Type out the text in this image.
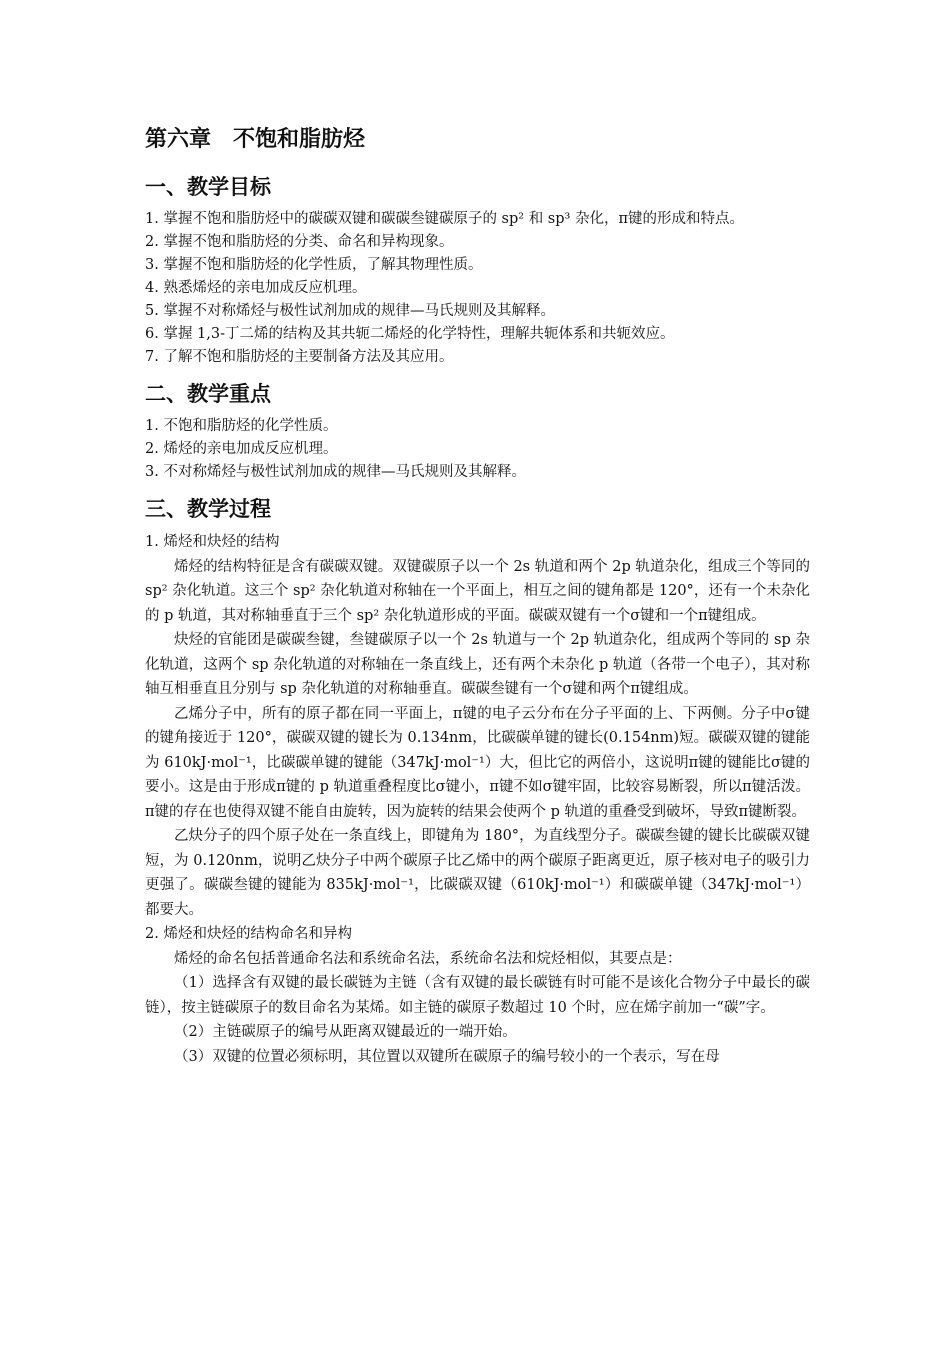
第六章　不饱和脂肪烃
一、教学目标

1. 掌握不饱和脂肪烃中的碳碳双键和碳碳叁键碳原子的 sp² 和 sp³ 杂化，π键的形成和特点。

2. 掌握不饱和脂肪烃的分类、命名和异构现象。

3. 掌握不饱和脂肪烃的化学性质，了解其物理性质。

4. 熟悉烯烃的亲电加成反应机理。

5. 掌握不对称烯烃与极性试剂加成的规律—马氏规则及其解释。

6. 掌握 1,3-丁二烯的结构及其共轭二烯烃的化学特性，理解共轭体系和共轭效应。

7. 了解不饱和脂肪烃的主要制备方法及其应用。

二、教学重点

1. 不饱和脂肪烃的化学性质。

2. 烯烃的亲电加成反应机理。

3. 不对称烯烃与极性试剂加成的规律—马氏规则及其解释。

三、教学过程

1. 烯烃和炔烃的结构

烯烃的结构特征是含有碳碳双键。双键碳原子以一个 2s 轨道和两个 2p 轨道杂化，组成三个等同的 sp² 杂化轨道。这三个 sp² 杂化轨道对称轴在一个平面上，相互之间的键角都是 120°，还有一个未杂化的 p 轨道，其对称轴垂直于三个 sp² 杂化轨道形成的平面。碳碳双键有一个σ键和一个π键组成。

炔烃的官能团是碳碳叁键，叁键碳原子以一个 2s 轨道与一个 2p 轨道杂化，组成两个等同的 sp 杂化轨道，这两个 sp 杂化轨道的对称轴在一条直线上，还有两个未杂化 p 轨道（各带一个电子），其对称轴互相垂直且分别与 sp 杂化轨道的对称轴垂直。碳碳叁键有一个σ键和两个π键组成。

乙烯分子中，所有的原子都在同一平面上，π键的电子云分布在分子平面的上、下两侧。分子中σ键的键角接近于 120°，碳碳双键的键长为 0.134nm，比碳碳单键的键长(0.154nm)短。碳碳双键的键能为 610kJ·mol⁻¹，比碳碳单键的键能（347kJ·mol⁻¹）大，但比它的两倍小，这说明π键的键能比σ键的要小。这是由于形成π键的 p 轨道重叠程度比σ键小，π键不如σ键牢固，比较容易断裂，所以π键活泼。π键的存在也使得双键不能自由旋转，因为旋转的结果会使两个 p 轨道的重叠受到破坏，导致π键断裂。

乙炔分子的四个原子处在一条直线上，即键角为 180°，为直线型分子。碳碳叁键的键长比碳碳双键短，为 0.120nm，说明乙炔分子中两个碳原子比乙烯中的两个碳原子距离更近，原子核对电子的吸引力更强了。碳碳叁键的键能为 835kJ·mol⁻¹，比碳碳双键（610kJ·mol⁻¹）和碳碳单键（347kJ·mol⁻¹）都要大。

2. 烯烃和炔烃的结构命名和异构

烯烃的命名包括普通命名法和系统命名法，系统命名法和烷烃相似，其要点是：

（1）选择含有双键的最长碳链为主链（含有双键的最长碳链有时可能不是该化合物分子中最长的碳链），按主链碳原子的数目命名为某烯。如主链的碳原子数超过 10 个时，应在烯字前加一“碳”字。

（2）主链碳原子的编号从距离双键最近的一端开始。

（3）双键的位置必须标明，其位置以双键所在碳原子的编号较小的一个表示，写在母
